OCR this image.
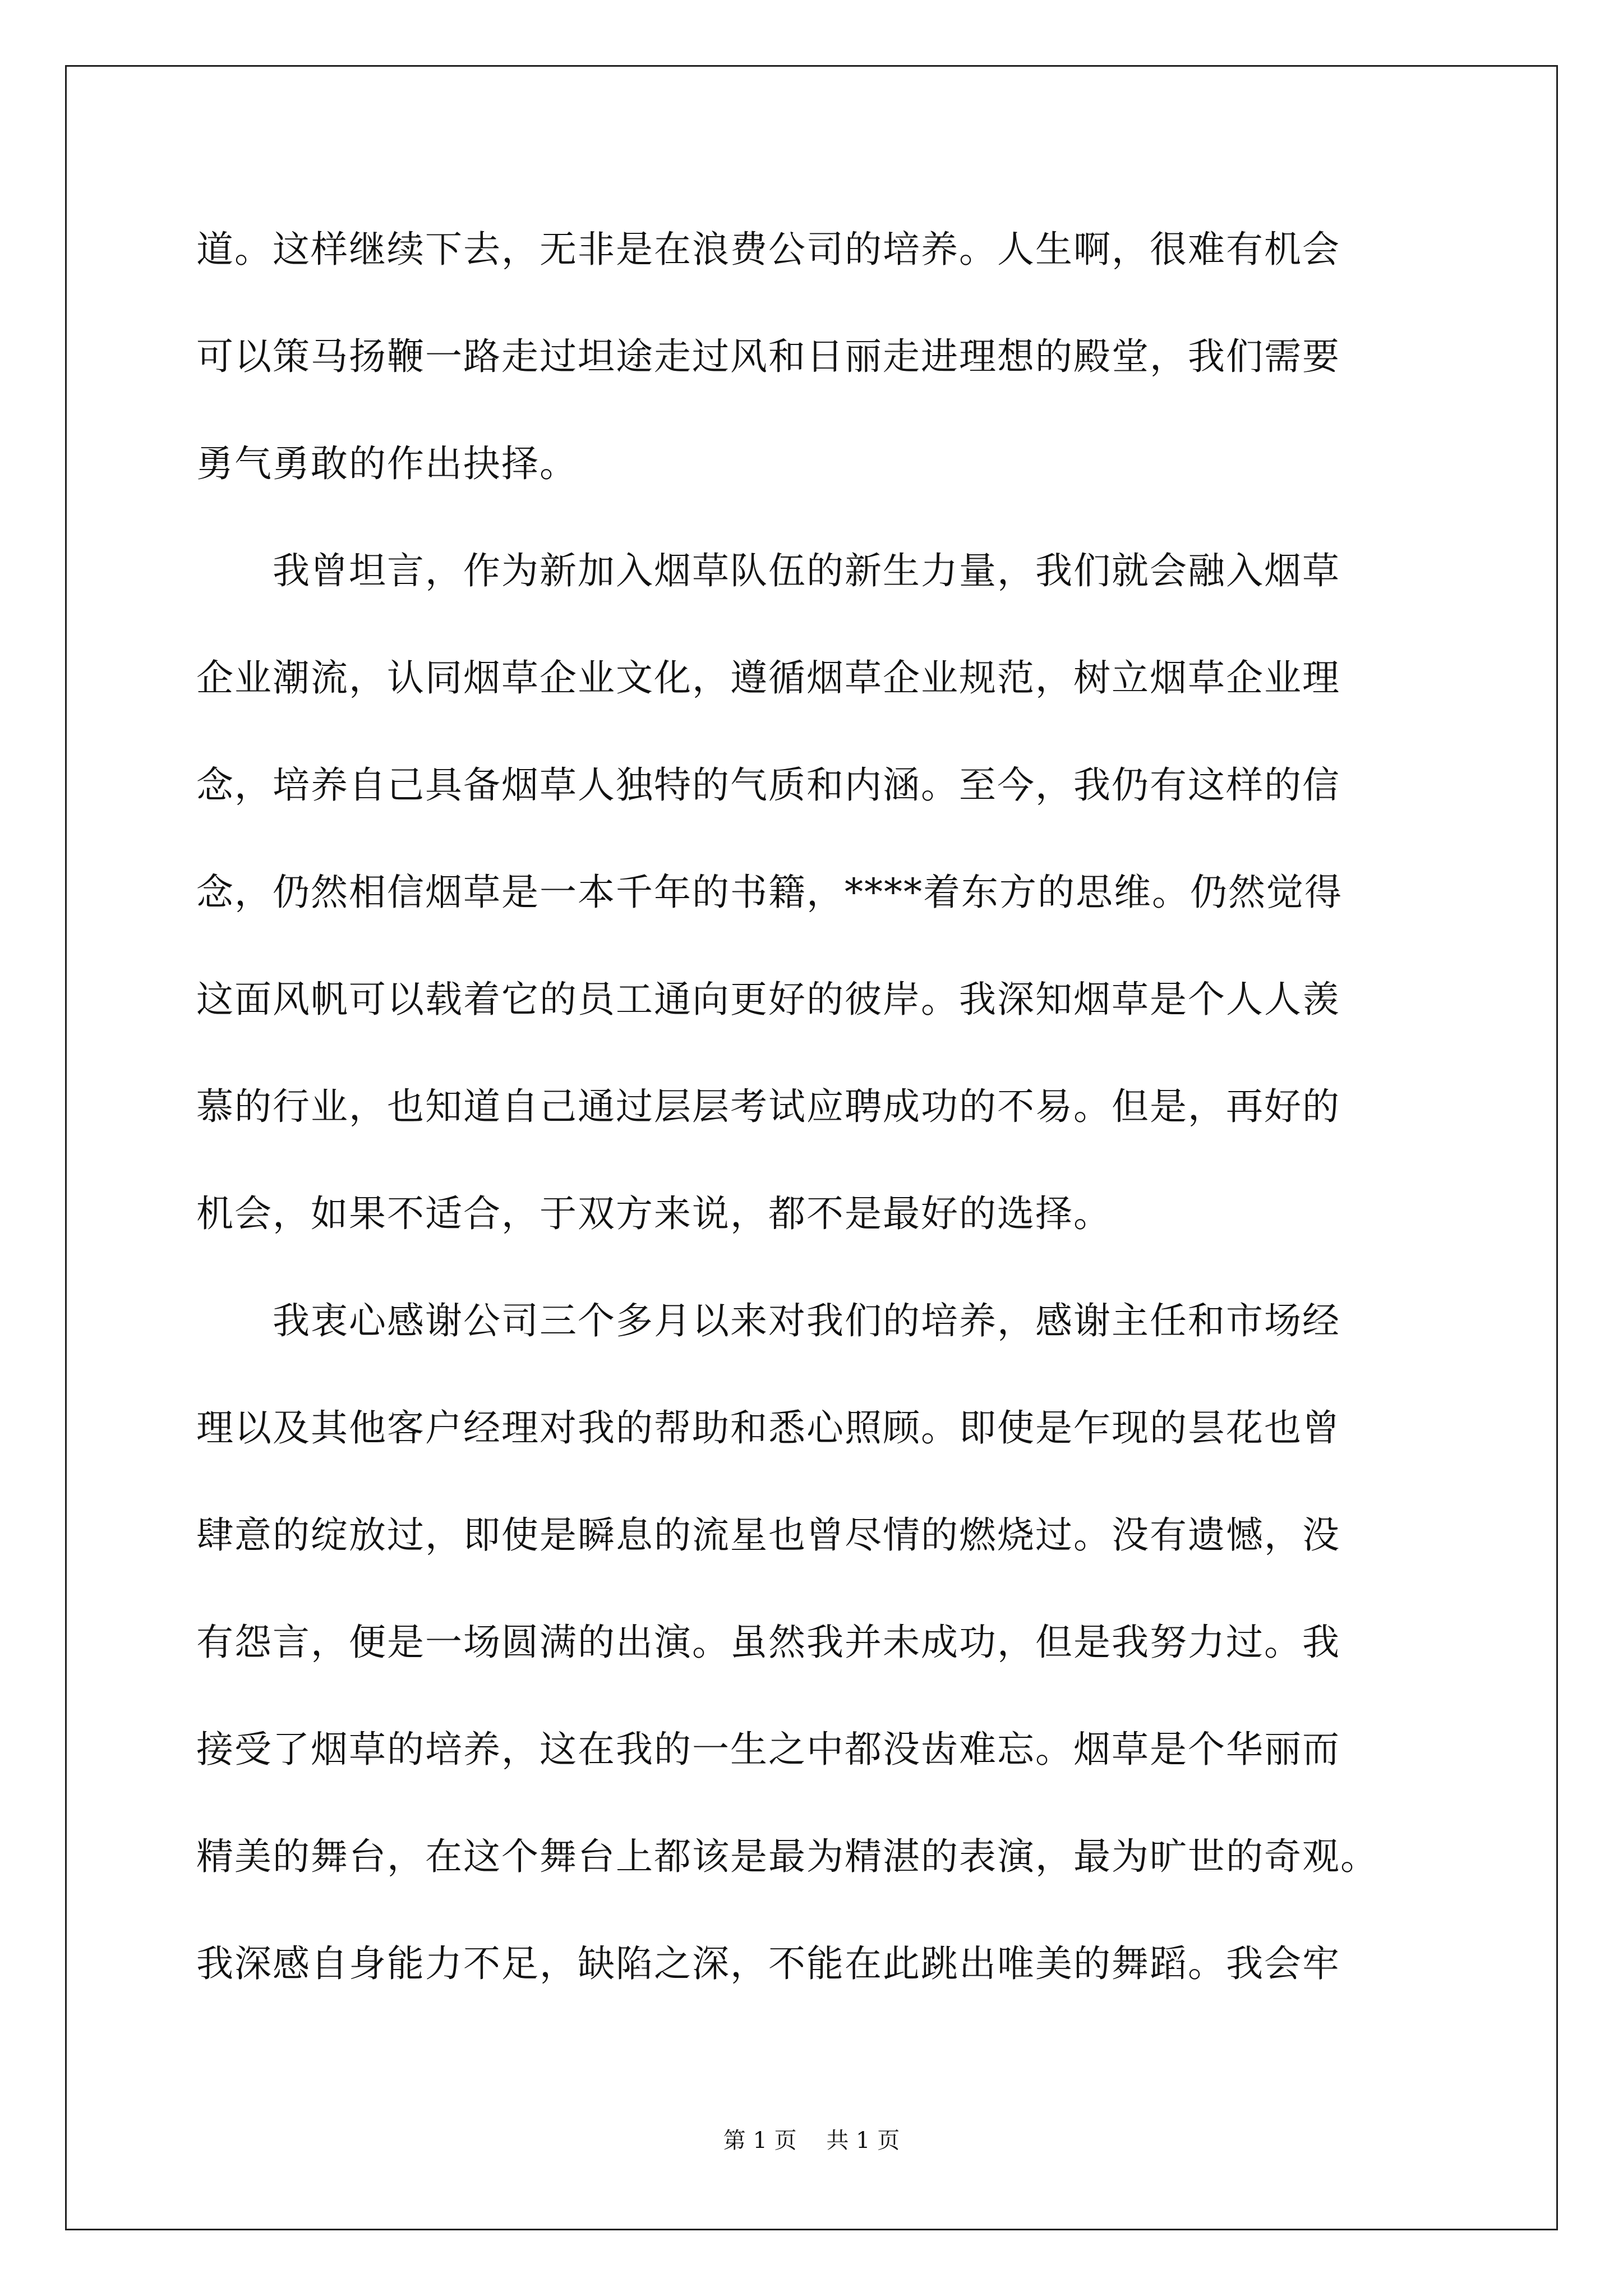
道。这样继续下去，无非是在浪费公司的培养。人生啊，很难有机会
可以策马扬鞭一路走过坦途走过风和日丽走进理想的殿堂，我们需要
勇气勇敢的作出抉择。
　　我曾坦言，作为新加入烟草队伍的新生力量，我们就会融入烟草
企业潮流，认同烟草企业文化，遵循烟草企业规范，树立烟草企业理
念，培养自己具备烟草人独特的气质和内涵。至今，我仍有这样的信
念，仍然相信烟草是一本千年的书籍，****着东方的思维。仍然觉得
这面风帆可以载着它的员工通向更好的彼岸。我深知烟草是个人人羡
慕的行业，也知道自己通过层层考试应聘成功的不易。但是，再好的
机会，如果不适合，于双方来说，都不是最好的选择。
　　我衷心感谢公司三个多月以来对我们的培养，感谢主任和市场经
理以及其他客户经理对我的帮助和悉心照顾。即使是乍现的昙花也曾
肆意的绽放过，即使是瞬息的流星也曾尽情的燃烧过。没有遗憾，没
有怨言，便是一场圆满的出演。虽然我并未成功，但是我努力过。我
接受了烟草的培养，这在我的一生之中都没齿难忘。烟草是个华丽而
精美的舞台，在这个舞台上都该是最为精湛的表演，最为旷世的奇观。
我深感自身能力不足，缺陷之深，不能在此跳出唯美的舞蹈。我会牢
第 1 页　 共 1 页
